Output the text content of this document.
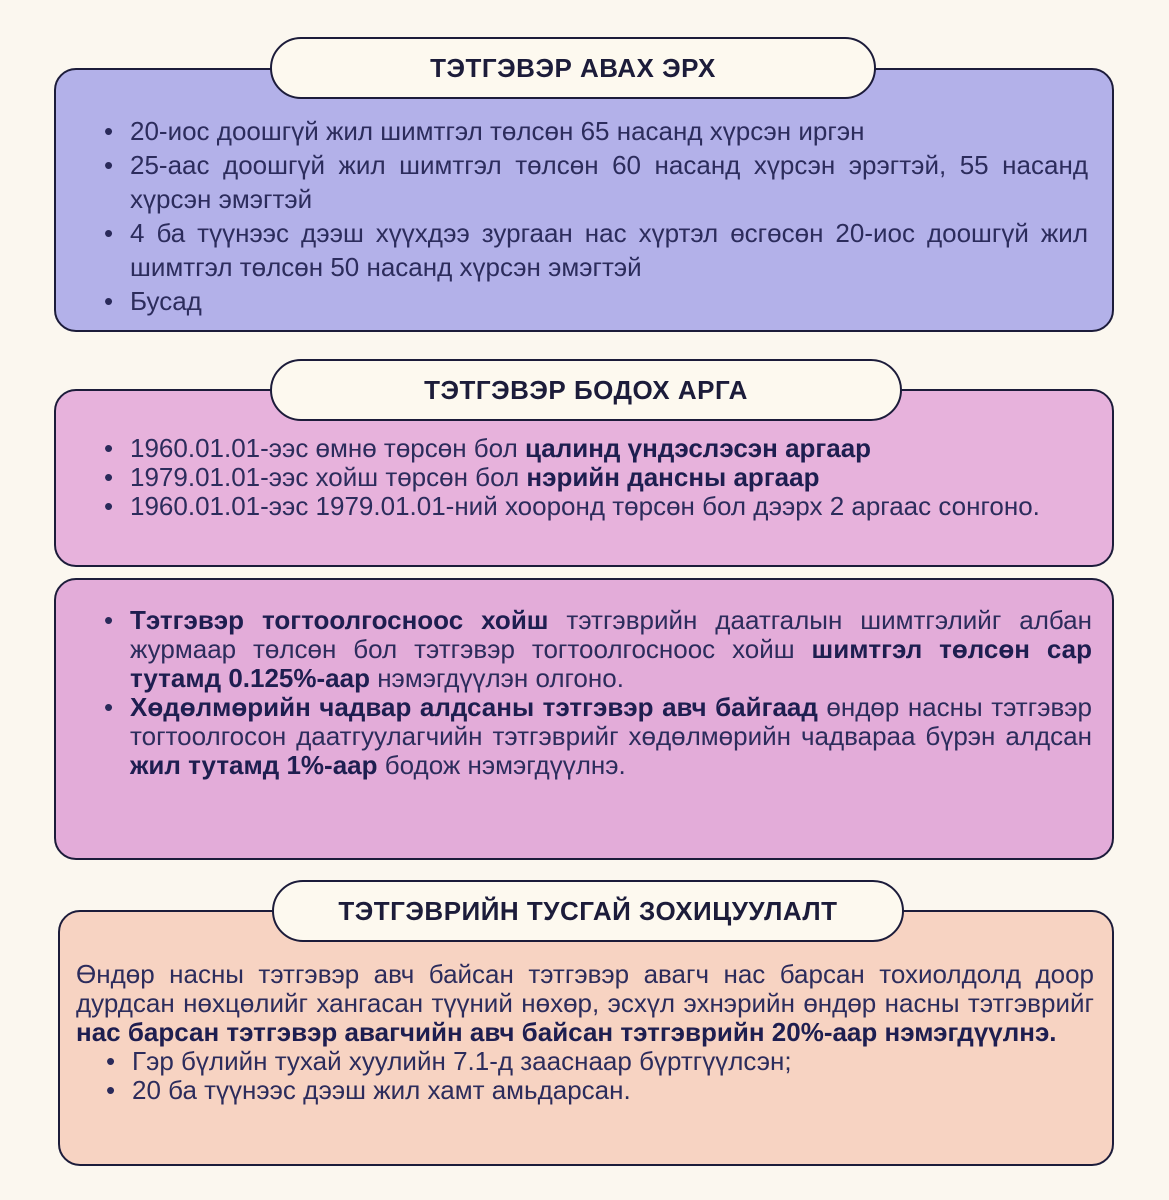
ТЭТГЭВЭР АВАХ ЭРХ
• 20-иос доошгүй жил шимтгэл төлсөн 65 насанд хүрсэн иргэн
• 25-аас доошгүй жил шимтгэл төлсөн 60 насанд хүрсэн эрэгтэй, 55 насанд хүрсэн эмэгтэй
• 4 ба түүнээс дээш хүүхдээ зургаан нас хүртэл өсгөсөн 20-иос доошгүй жил шимтгэл төлсөн 50 насанд хүрсэн эмэгтэй
• Бусад
ТЭТГЭВЭР БОДОХ АРГА
• 1960.01.01-ээс өмнө төрсөн бол цалинд үндэслэсэн аргаар
• 1979.01.01-ээс хойш төрсөн бол нэрийн дансны аргаар
• 1960.01.01-ээс 1979.01.01-ний хооронд төрсөн бол дээрх 2 аргаас сонгоно.
• Тэтгэвэр тогтоолгосноос хойш тэтгэврийн даатгалын шимтгэлийг албан журмаар төлсөн бол тэтгэвэр тогтоолгосноос хойш шимтгэл төлсөн сар тутамд 0.125%-аар нэмэгдүүлэн олгоно.
• Хөдөлмөрийн чадвар алдсаны тэтгэвэр авч байгаад өндөр насны тэтгэвэр тогтоолгосон даатгуулагчийн тэтгэврийг хөдөлмөрийн чадвараа бүрэн алдсан жил тутамд 1%-аар бодож нэмэгдүүлнэ.
ТЭТГЭВРИЙН ТУСГАЙ ЗОХИЦУУЛАЛТ

Өндөр насны тэтгэвэр авч байсан тэтгэвэр авагч нас барсан тохиолдолд доор дурдсан нөхцөлийг хангасан түүний нөхөр, эсхүл эхнэрийн өндөр насны тэтгэврийг нас барсан тэтгэвэр авагчийн авч байсан тэтгэврийн 20%-аар нэмэгдүүлнэ.

• Гэр бүлийн тухай хуулийн 7.1-д зааснаар бүртгүүлсэн;
• 20 ба түүнээс дээш жил хамт амьдарсан.
